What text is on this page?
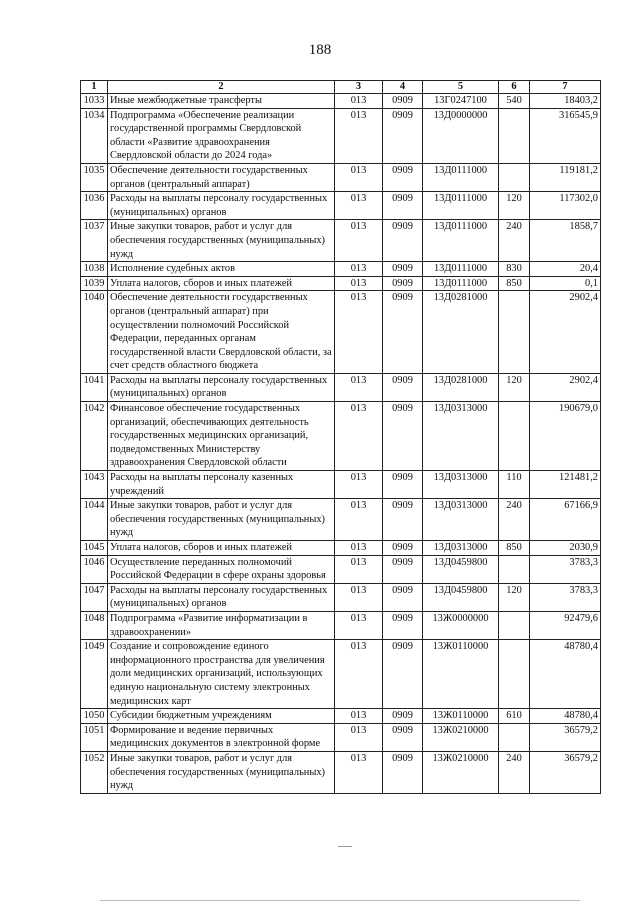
188
1	2	3	4	5	6	7
1033	Иные межбюджетные трансферты	013	0909	13Г0247100	540	18403,2
1034	Подпрограмма «Обеспечение реализации государственной программы Свердловской области «Развитие здравоохранения Свердловской области до 2024 года»	013	0909	13Д0000000		316545,9
1035	Обеспечение деятельности государственных органов (центральный аппарат)	013	0909	13Д0111000		119181,2
1036	Расходы на выплаты персоналу государственных (муниципальных) органов	013	0909	13Д0111000	120	117302,0
1037	Иные закупки товаров, работ и услуг для обеспечения государственных (муниципальных) нужд	013	0909	13Д0111000	240	1858,7
1038	Исполнение судебных актов	013	0909	13Д0111000	830	20,4
1039	Уплата налогов, сборов и иных платежей	013	0909	13Д0111000	850	0,1
1040	Обеспечение деятельности государственных органов (центральный аппарат) при осуществлении полномочий Российской Федерации, переданных органам государственной власти Свердловской области, за счет средств областного бюджета	013	0909	13Д0281000		2902,4
1041	Расходы на выплаты персоналу государственных (муниципальных) органов	013	0909	13Д0281000	120	2902,4
1042	Финансовое обеспечение государственных организаций, обеспечивающих деятельность государственных медицинских организаций, подведомственных Министерству здравоохранения Свердловской области	013	0909	13Д0313000		190679,0
1043	Расходы на выплаты персоналу казенных учреждений	013	0909	13Д0313000	110	121481,2
1044	Иные закупки товаров, работ и услуг для обеспечения государственных (муниципальных) нужд	013	0909	13Д0313000	240	67166,9
1045	Уплата налогов, сборов и иных платежей	013	0909	13Д0313000	850	2030,9
1046	Осуществление переданных полномочий Российской Федерации в сфере охраны здоровья	013	0909	13Д0459800		3783,3
1047	Расходы на выплаты персоналу государственных (муниципальных) органов	013	0909	13Д0459800	120	3783,3
1048	Подпрограмма «Развитие информатизации в здравоохранении»	013	0909	13Ж0000000		92479,6
1049	Создание и сопровождение единого информационного пространства для увеличения доли медицинских организаций, использующих единую национальную систему электронных медицинских карт	013	0909	13Ж0110000		48780,4
1050	Субсидии бюджетным учреждениям	013	0909	13Ж0110000	610	48780,4
1051	Формирование и ведение первичных медицинских документов в электронной форме	013	0909	13Ж0210000		36579,2
1052	Иные закупки товаров, работ и услуг для обеспечения государственных (муниципальных) нужд	013	0909	13Ж0210000	240	36579,2
